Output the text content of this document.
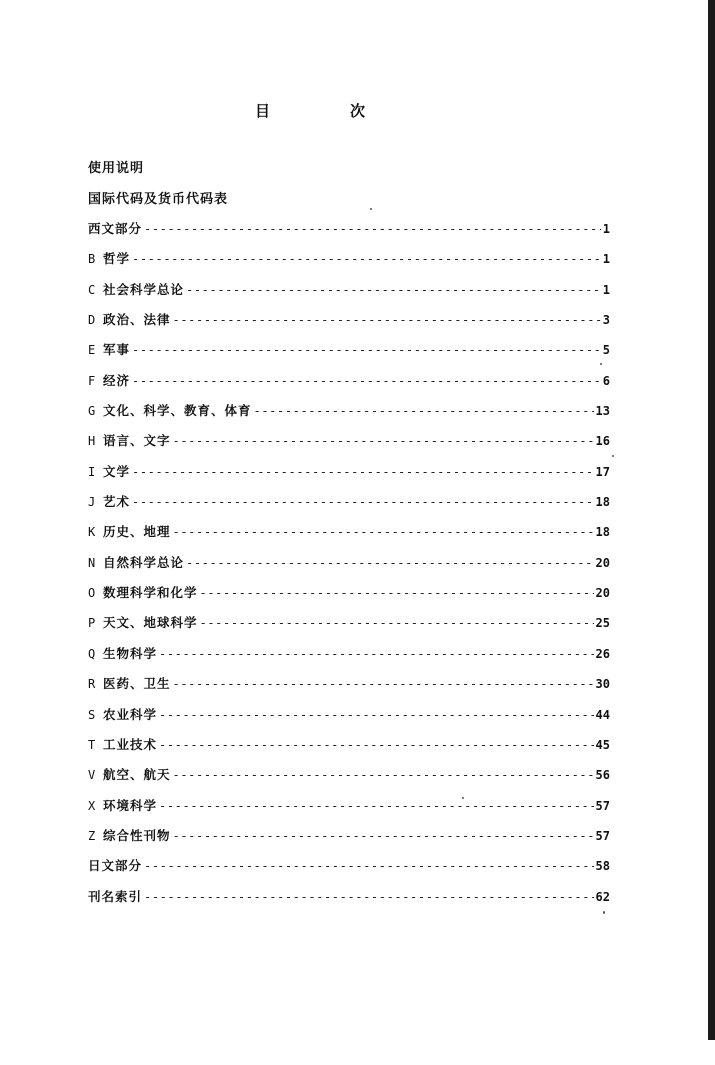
目	次
使用说明
国际代码及货币代码表
西文部分 -----	1
B 哲学 -----	1
C 社会科学总论 -----	1
D 政治、法律 -----	3
E 军事 -----	5
F 经济 -----	6
G 文化、科学、教育、体育 -----	13
H 语言、文字 -----	16
I 文学 -----	17
J 艺术 -----	18
K 历史、地理 -----	18
N 自然科学总论 -----	20
O 数理科学和化学 -----	20
P 天文、地球科学 -----	25
Q 生物科学 -----	26
R 医药、卫生 -----	30
S 农业科学 -----	44
T 工业技术 -----	45
V 航空、航天 -----	56
X 环境科学 -----	57
Z 综合性刊物 -----	57
日文部分 -----	58
刊名索引 -----	62
